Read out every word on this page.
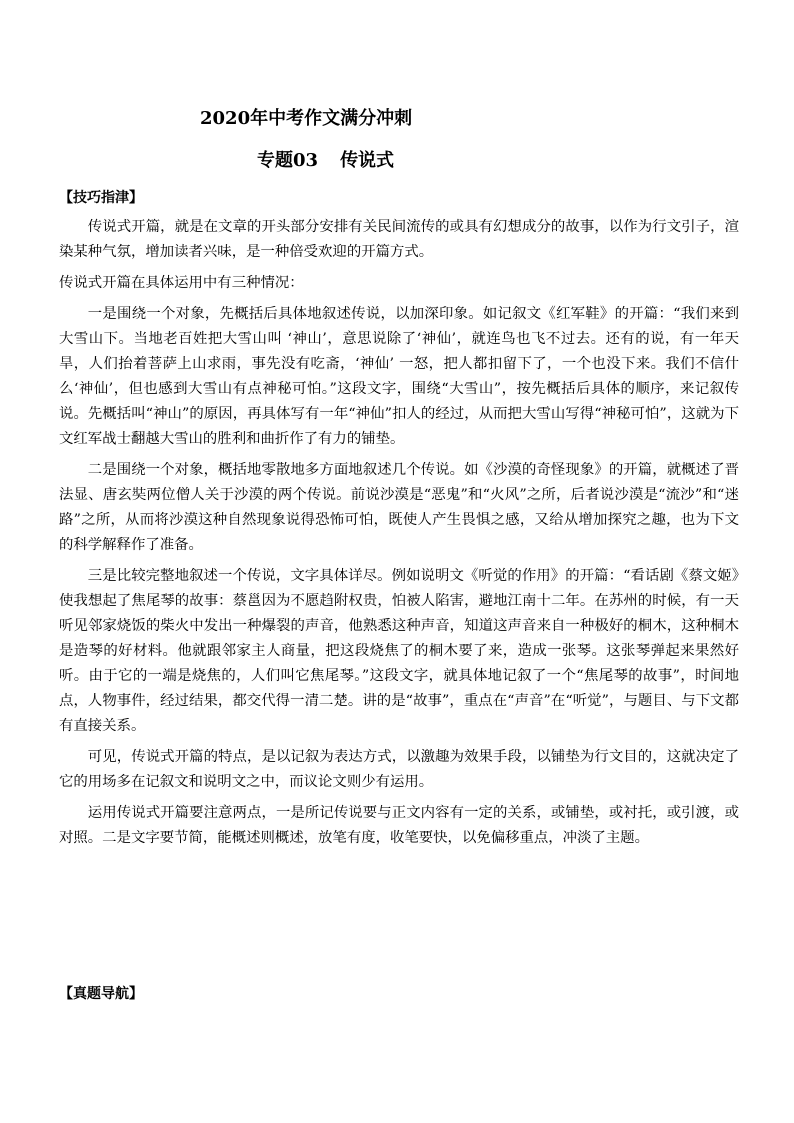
2020年中考作文满分冲刺
专题03 传说式
【技巧指津】

传说式开篇，就是在文章的开头部分安排有关民间流传的或具有幻想成分的故事，以作为行文引子，渲染某种气氛，增加读者兴味，是一种倍受欢迎的开篇方式。

传说式开篇在具体运用中有三种情况：

一是围绕一个对象，先概括后具体地叙述传说，以加深印象。如记叙文《红军鞋》的开篇：“我们来到大雪山下。当地老百姓把大雪山叫 ‘神山’，意思说除了‘神仙’，就连鸟也飞不过去。还有的说，有一年天旱，人们抬着菩萨上山求雨，事先没有吃斋，‘神仙’ 一怒，把人都扣留下了，一个也没下来。我们不信什么‘神仙’，但也感到大雪山有点神秘可怕。”这段文字，围绕“大雪山”，按先概括后具体的顺序，来记叙传说。先概括叫“神山”的原因，再具体写有一年“神仙”扣人的经过，从而把大雪山写得“神秘可怕”，这就为下文红军战士翻越大雪山的胜利和曲折作了有力的铺垫。

二是围绕一个对象，概括地零散地多方面地叙述几个传说。如《沙漠的奇怪现象》的开篇，就概述了晋法显、唐玄奘两位僧人关于沙漠的两个传说。前说沙漠是“恶鬼”和“火风”之所，后者说沙漠是“流沙”和“迷路”之所，从而将沙漠这种自然现象说得恐怖可怕，既使人产生畏惧之感，又给从增加探究之趣，也为下文的科学解释作了准备。

三是比较完整地叙述一个传说，文字具体详尽。例如说明文《听觉的作用》的开篇：“看话剧《蔡文姬》使我想起了焦尾琴的故事：蔡邕因为不愿趋附权贵，怕被人陷害，避地江南十二年。在苏州的时候，有一天听见邻家烧饭的柴火中发出一种爆裂的声音，他熟悉这种声音，知道这声音来自一种极好的桐木，这种桐木是造琴的好材料。他就跟邻家主人商量，把这段烧焦了的桐木要了来，造成一张琴。这张琴弹起来果然好听。由于它的一端是烧焦的，人们叫它焦尾琴。”这段文字，就具体地记叙了一个“焦尾琴的故事”，时间地点，人物事件，经过结果，都交代得一清二楚。讲的是“故事”，重点在“声音”在“听觉”，与题目、与下文都有直接关系。

可见，传说式开篇的特点，是以记叙为表达方式，以激趣为效果手段，以铺垫为行文目的，这就决定了它的用场多在记叙文和说明文之中，而议论文则少有运用。

运用传说式开篇要注意两点，一是所记传说要与正文内容有一定的关系，或铺垫，或衬托，或引渡，或对照。二是文字要节简，能概述则概述，放笔有度，收笔要快，以免偏移重点，冲淡了主题。

【真题导航】
